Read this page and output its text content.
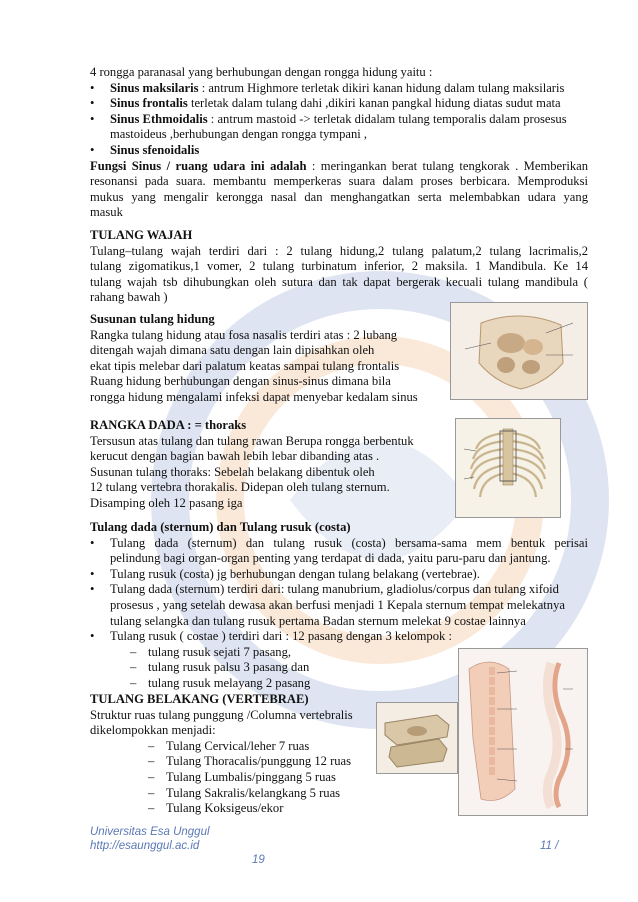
4 rongga paranasal yang berhubungan dengan rongga hidung yaitu :
•	Sinus maksilaris : antrum Highmore terletak dikiri kanan hidung dalam tulang maksilaris
•	Sinus frontalis terletak dalam tulang dahi ,dikiri kanan pangkal hidung diatas sudut mata
•	Sinus Ethmoidalis : antrum mastoid -> terletak didalam tulang temporalis dalam prosesus
mastoideus ,berhubungan dengan rongga tympani ,
•	Sinus sfenoidalis
Fungsi Sinus / ruang udara ini adalah : meringankan berat tulang tengkorak . Memberikan
resonansi pada suara. membantu memperkeras suara dalam proses berbicara. Memproduksi
mukus yang mengalir kerongga nasal dan menghangatkan serta melembabkan udara yang
masuk
TULANG WAJAH
Tulang–tulang wajah terdiri dari : 2 tulang hidung,2 tulang palatum,2 tulang lacrimalis,2
tulang zigomatikus,1 vomer, 2 tulang turbinatum inferior, 2 maksila. 1 Mandibula. Ke 14
tulang wajah tsb dihubungkan oleh sutura dan tak dapat bergerak kecuali tulang mandibula (
rahang bawah )
Susunan tulang hidung
Rangka tulang hidung atau fosa nasalis terdiri atas : 2 lubang
ditengah wajah dimana satu dengan lain dipisahkan oleh
ekat tipis melebar dari palatum keatas sampai tulang frontalis
Ruang hidung berhubungan dengan sinus-sinus dimana bila
rongga hidung mengalami infeksi dapat menyebar kedalam sinus
RANGKA DADA : = thoraks
Tersusun atas tulang dan tulang rawan Berupa rongga berbentuk
kerucut dengan bagian bawah lebih lebar dibanding atas .
Susunan tulang thoraks: Sebelah belakang dibentuk oleh
12 tulang vertebra thorakalis. Didepan oleh tulang sternum.
Disamping oleh 12 pasang iga
Tulang dada (sternum) dan Tulang rusuk (costa)
•	Tulang dada (sternum) dan tulang rusuk (costa) bersama-sama mem bentuk perisai
pelindung bagi organ-organ penting yang terdapat di dada, yaitu paru-paru dan jantung.
•	Tulang rusuk (costa) jg berhubungan dengan tulang belakang (vertebrae).
•	Tulang dada (sternum) terdiri dari: tulang manubrium, gladiolus/corpus dan tulang xifoid
prosesus , yang setelah dewasa akan berfusi menjadi 1 Kepala sternum tempat melekatnya
tulang selangka dan tulang rusuk pertama Badan sternum melekat 9 costae lainnya
•	Tulang rusuk ( costae ) terdiri dari : 12 pasang dengan 3 kelompok :
– tulang rusuk sejati 7 pasang,
– tulang rusuk palsu 3 pasang dan
– tulang rusuk melayang 2 pasang
TULANG BELAKANG (VERTEBRAE)
Struktur ruas tulang punggung /Columna vertebralis
dikelompokkan menjadi:
– Tulang Cervical/leher 7 ruas
– Tulang Thoracalis/punggung 12 ruas
– Tulang Lumbalis/pinggang 5 ruas
– Tulang Sakralis/kelangkang 5 ruas
– Tulang Koksigeus/ekor
Universitas Esa Unggul
http://esaunggul.ac.id	11 /
19
